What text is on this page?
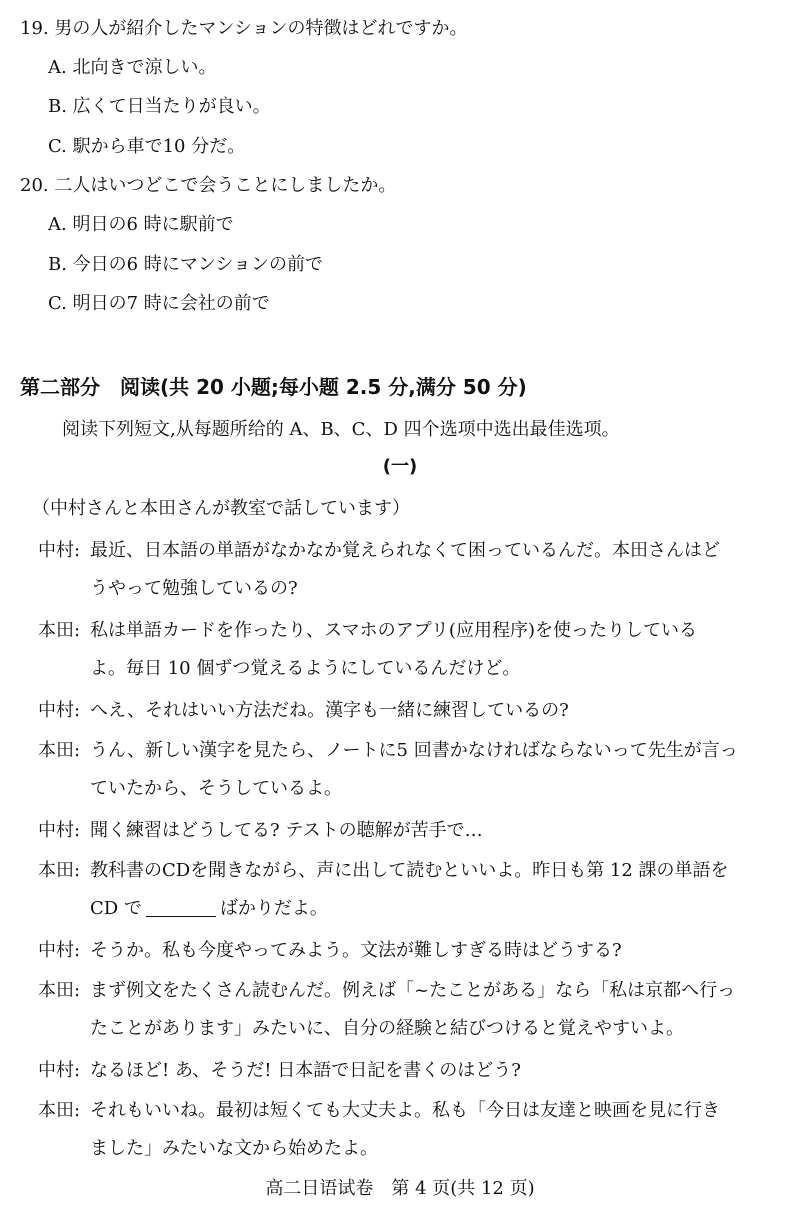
19. 男の人が紹介したマンションの特徴はどれですか。
A. 北向きで涼しい。
B. 広くて日当たりが良い。
C. 駅から車で10 分だ。
20. 二人はいつどこで会うことにしましたか。
A. 明日の6 時に駅前で
B. 今日の6 時にマンションの前で
C. 明日の7 時に会社の前で
第二部分　阅读(共 20 小题;每小题 2.5 分,满分 50 分)
阅读下列短文,从每题所给的 A、B、C、D 四个选项中选出最佳选项。
(一)
（中村さんと本田さんが教室で話しています）
中村: 最近、日本語の単語がなかなか覚えられなくて困っているんだ。本田さんはど
うやって勉強しているの?
本田: 私は単語カードを作ったり、スマホのアプリ(应用程序)を使ったりしている
よ。毎日 10 個ずつ覚えるようにしているんだけど。
中村: へえ、それはいい方法だね。漢字も一緒に練習しているの?
本田: うん、新しい漢字を見たら、ノートに5 回書かなければならないって先生が言っ
ていたから、そうしているよ。
中村: 聞く練習はどうしてる? テストの聴解が苦手で…
本田: 教科書のCDを聞きながら、声に出して読むといいよ。昨日も第 12 課の単語を
CD で	ばかりだよ。
中村: そうか。私も今度やってみよう。文法が難しすぎる時はどうする?
本田: まず例文をたくさん読むんだ。例えば「~たことがある」なら「私は京都へ行っ
たことがあります」みたいに、自分の経験と結びつけると覚えやすいよ。
中村: なるほど! あ、そうだ! 日本語で日記を書くのはどう?
本田: それもいいね。最初は短くても大丈夫よ。私も「今日は友達と映画を見に行き
ました」みたいな文から始めたよ。
高二日语试卷　第 4 页(共 12 页)
